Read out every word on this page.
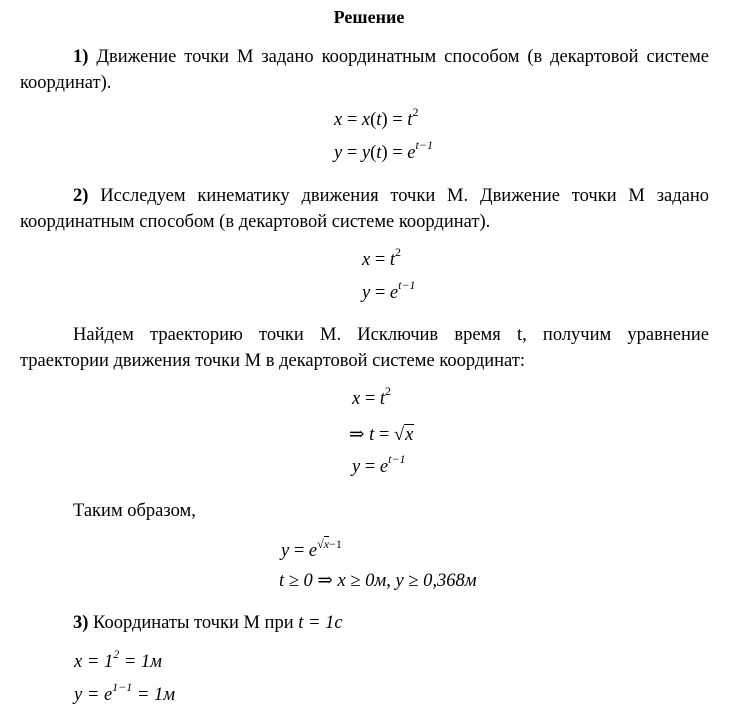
Решение
1) Движение точки М задано координатным способом (в декартовой системе координат).
$x = x(t) = t^2$
$y = y(t) = e^{t-1}$
2) Исследуем кинематику движения точки М. Движение точки М задано координатным способом (в декартовой системе координат).
$x = t^2$
$y = e^{t-1}$
Найдем траекторию точки М. Исключив время t, получим уравнение траектории движения точки М в декартовой системе координат:
$x = t^2$
⇒ t = √x
$y = e^{t-1}$
Таким образом,
$y = e^{√x-1}$
t ≥ 0 ⇒ x ≥ 0м, y ≥ 0,368м
3) Координаты точки М при t = 1с
$x = 1^2 = 1м$
$y = e^{1-1} = 1м$
